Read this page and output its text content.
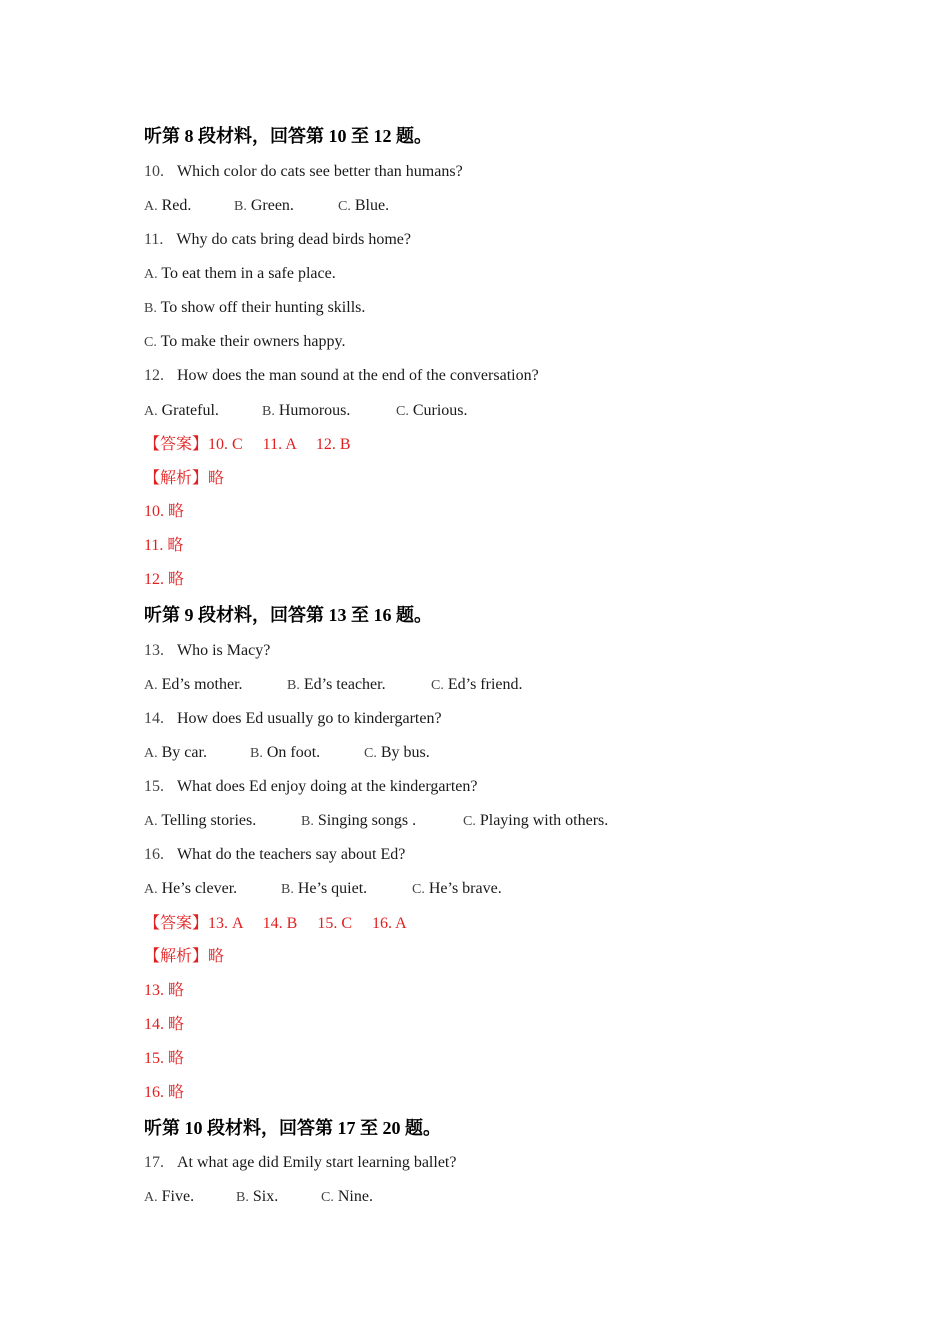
听第 8 段材料，回答第 10 至 12 题。
10. Which color do cats see better than humans?
A. Red.	B. Green.	C. Blue.
11. Why do cats bring dead birds home?
A. To eat them in a safe place.
B. To show off their hunting skills.
C. To make their owners happy.
12. How does the man sound at the end of the conversation?
A. Grateful.	B. Humorous.	C. Curious.
【答案】10. C　 11. A　 12. B
【解析】略
10. 略
11. 略
12. 略
听第 9 段材料，回答第 13 至 16 题。
13. Who is Macy?
A. Ed’s mother.	B. Ed’s teacher.	C. Ed’s friend.
14. How does Ed usually go to kindergarten?
A. By car.	B. On foot.	C. By bus.
15. What does Ed enjoy doing at the kindergarten?
A. Telling stories.	B. Singing songs .	C. Playing with others.
16. What do the teachers say about Ed?
A. He’s clever.	B. He’s quiet.	C. He’s brave.
【答案】13. A　 14. B　 15. C　 16. A
【解析】略
13. 略
14. 略
15. 略
16. 略
听第 10 段材料，回答第 17 至 20 题。
17. At what age did Emily start learning ballet?
A. Five.	B. Six.	C. Nine.
